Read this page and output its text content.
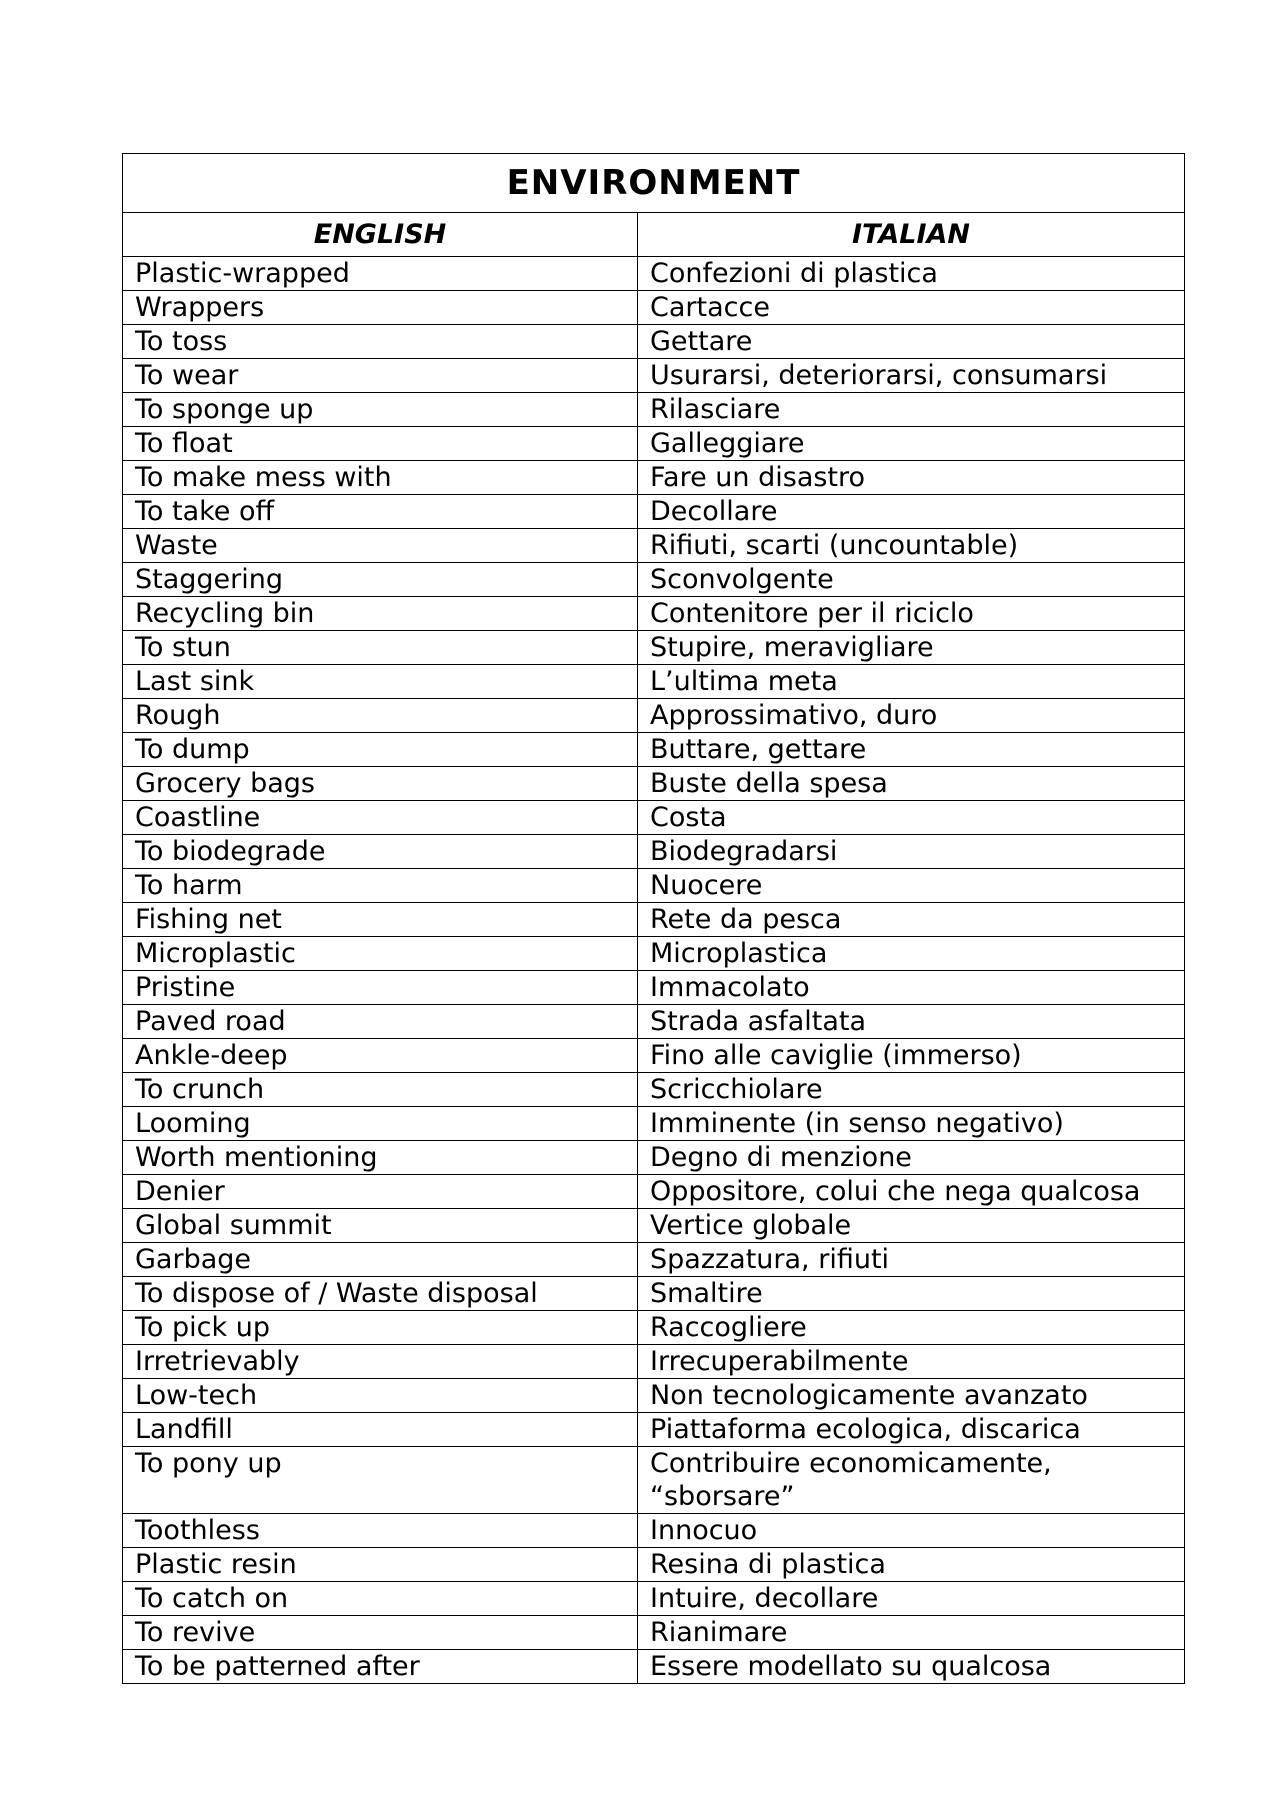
ENVIRONMENT	
ENGLISH	ITALIAN
Plastic-wrapped	Confezioni di plastica
Wrappers	Cartacce
To toss	Gettare
To wear	Usurarsi, deteriorarsi, consumarsi
To sponge up	Rilasciare
To float	Galleggiare
To make mess with	Fare un disastro
To take off	Decollare
Waste	Rifiuti, scarti (uncountable)
Staggering	Sconvolgente
Recycling bin	Contenitore per il riciclo
To stun	Stupire, meravigliare
Last sink	L’ultima meta
Rough	Approssimativo, duro
To dump	Buttare, gettare
Grocery bags	Buste della spesa
Coastline	Costa
To biodegrade	Biodegradarsi
To harm	Nuocere
Fishing net	Rete da pesca
Microplastic	Microplastica
Pristine	Immacolato
Paved road	Strada asfaltata
Ankle-deep	Fino alle caviglie (immerso)
To crunch	Scricchiolare
Looming	Imminente (in senso negativo)
Worth mentioning	Degno di menzione
Denier	Oppositore, colui che nega qualcosa
Global summit	Vertice globale
Garbage	Spazzatura, rifiuti
To dispose of / Waste disposal	Smaltire
To pick up	Raccogliere
Irretrievably	Irrecuperabilmente
Low-tech	Non tecnologicamente avanzato
Landfill	Piattaforma ecologica, discarica
To pony up	Contribuire economicamente, “sborsare”
Toothless	Innocuo
Plastic resin	Resina di plastica
To catch on	Intuire, decollare
To revive	Rianimare
To be patterned after	Essere modellato su qualcosa
